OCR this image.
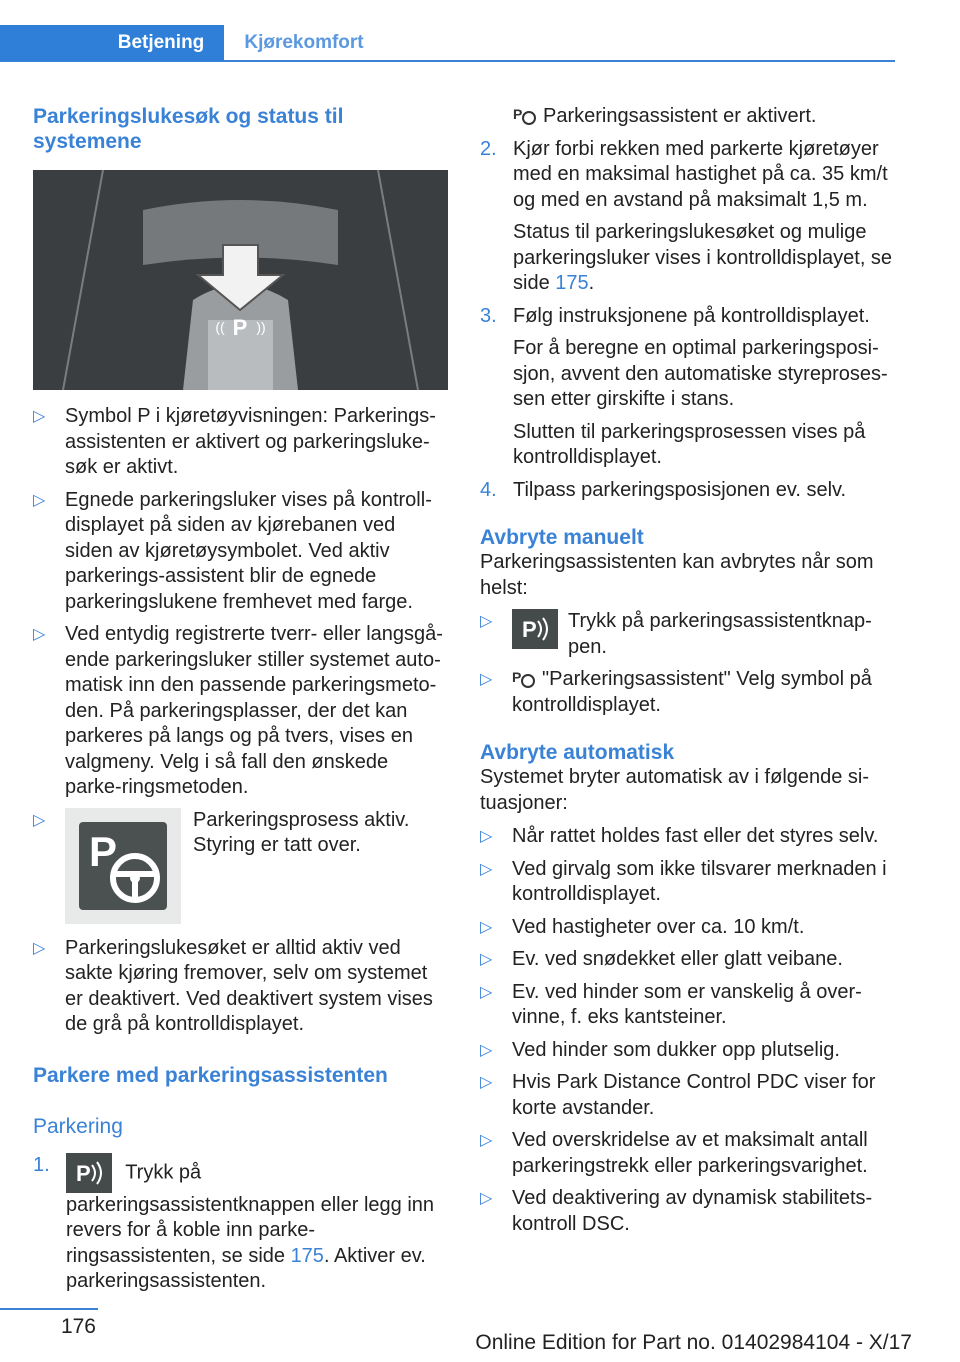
Betjening	Kjørekomfort
Parkeringslukesøk og status til systemene
P
(( ))
▷
Symbol P i kjøretøyvisningen: Parkerings-assistenten er aktivert og parkeringsluke-søk er aktivt.
▷
Egnede parkeringsluker vises på kontroll-displayet på siden av kjørebanen ved siden av kjøretøysymbolet. Ved aktiv parkerings-assistent blir de egnede parkeringslukene fremhevet med farge.
▷
Ved entydig registrerte tverr- eller langsgå-ende parkeringsluker stiller systemet auto-matisk inn den passende parkeringsmeto-den. På parkeringsplasser, der det kan parkeres på langs og på tvers, vises en valgmeny. Velg i så fall den ønskede parke-ringsmetoden.
▷
P
Parkeringsprosess aktiv. Styring er tatt over.
▷
Parkeringslukesøket er alltid aktiv ved sakte kjøring fremover, selv om systemet er deaktivert. Ved deaktivert system vises de grå på kontrolldisplayet.
Parkere med parkeringsassistenten
Parkering
1. P Trykk på parkeringsassistentknappen eller legg inn revers for å koble inn parke-ringsassistenten, se side 175. Aktiver ev. parkeringsassistenten.

P Parkeringsassistent er aktivert.

2. Kjør forbi rekken med parkerte kjøretøyer med en maksimal hastighet på ca. 35 km/t og med en avstand på maksimalt 1,5 m.

Status til parkeringslukesøket og mulige parkeringsluker vises i kontrolldisplayet, se side 175.

3. Følg instruksjonene på kontrolldisplayet.

For å beregne en optimal parkeringsposi-sjon, avvent den automatiske styreproses-sen etter girskifte i stans.

Slutten til parkeringsprosessen vises på kontrolldisplayet.

4. Tilpass parkeringsposisjonen ev. selv.

Avbryte manuelt

Parkeringsassistenten kan avbrytes når som helst:

▷
P Trykk på parkeringsassistentknap-pen.
▷
P "Parkeringsassistent" Velg symbol på kontrolldisplayet.
Avbryte automatisk

Systemet bryter automatisk av i følgende si-tuasjoner:

▷
Når rattet holdes fast eller det styres selv.
▷
Ved girvalg som ikke tilsvarer merknaden i kontrolldisplayet.
▷
Ved hastigheter over ca. 10 km/t.
▷
Ev. ved snødekket eller glatt veibane.
▷
Ev. ved hinder som er vanskelig å over-vinne, f. eks kantsteiner.
▷
Ved hinder som dukker opp plutselig.
▷
Hvis Park Distance Control PDC viser for korte avstander.
▷
Ved overskridelse av et maksimalt antall parkeringstrekk eller parkeringsvarighet.
▷
Ved deaktivering av dynamisk stabilitets-kontroll DSC.
176
Online Edition for Part no. 01402984104 - X/17
